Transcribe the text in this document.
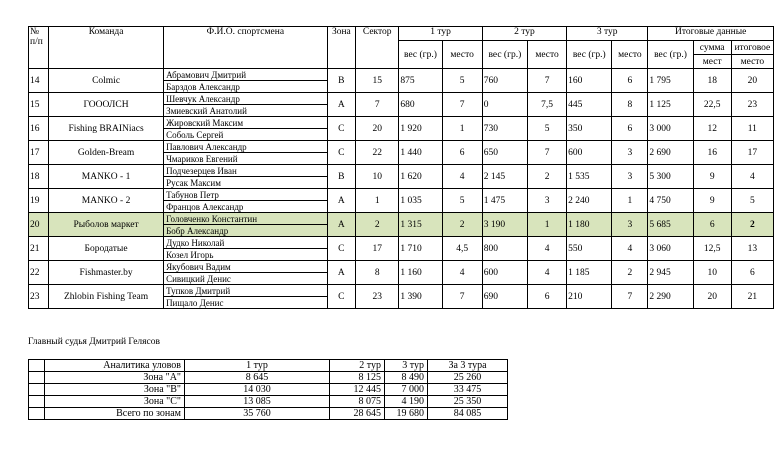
№
п/п	Команда	Ф.И.О. спортсмена	Зона	Сектор	1 тур		2 тур		3 тур		Итоговые данные		
					вес (гр.)	место	вес (гр.)	место	вес (гр.)	место	вес (гр.)	сумма	итоговое
												мест	место
14	Colmic	Абрамович Дмитрий	B	15	875	5	760	7	160	6	1 795	18	20
		Барздов Александр											
15	ГОООЛСН	Шевчук Александр	A	7	680	7	0	7,5	445	8	1 125	22,5	23
		Змиевский Анатолий											
16	Fishing BRAINiacs	Жировский Максим	C	20	1 920	1	730	5	350	6	3 000	12	11
		Соболь Сергей											
17	Golden-Bream	Павлович Александр	C	22	1 440	6	650	7	600	3	2 690	16	17
		Чмариков Евгений											
18	MANKO - 1	Подчезерцев Иван	B	10	1 620	4	2 145	2	1 535	3	5 300	9	4
		Русак Максим											
19	MANKO - 2	Табунов Петр	A	1	1 035	5	1 475	3	2 240	1	4 750	9	5
		Францов Александр											
20	Рыболов маркет	Головченко Константин	A	2	1 315	2	3 190	1	1 180	3	5 685	6	2
		Бобр Александр											
21	Бородатые	Дудко Николай	C	17	1 710	4,5	800	4	550	4	3 060	12,5	13
		Козел Игорь											
22	Fishmaster.by	Якубович Вадим	A	8	1 160	4	600	4	1 185	2	2 945	10	6
		Сивицкий Денис											
23	Zhlobin Fishing Team	Тупков Дмитрий	C	23	1 390	7	690	6	210	7	2 290	20	21
		Пищало Денис											
Главный судья Дмитрий Гелясов
	Аналитика уловов	1 тур	2 тур	3 тур	За 3 тура
	Зона "А"	8 645	8 125	8 490	25 260
	Зона "В"	14 030	12 445	7 000	33 475
	Зона "С"	13 085	8 075	4 190	25 350
	Всего по зонам	35 760	28 645	19 680	84 085
